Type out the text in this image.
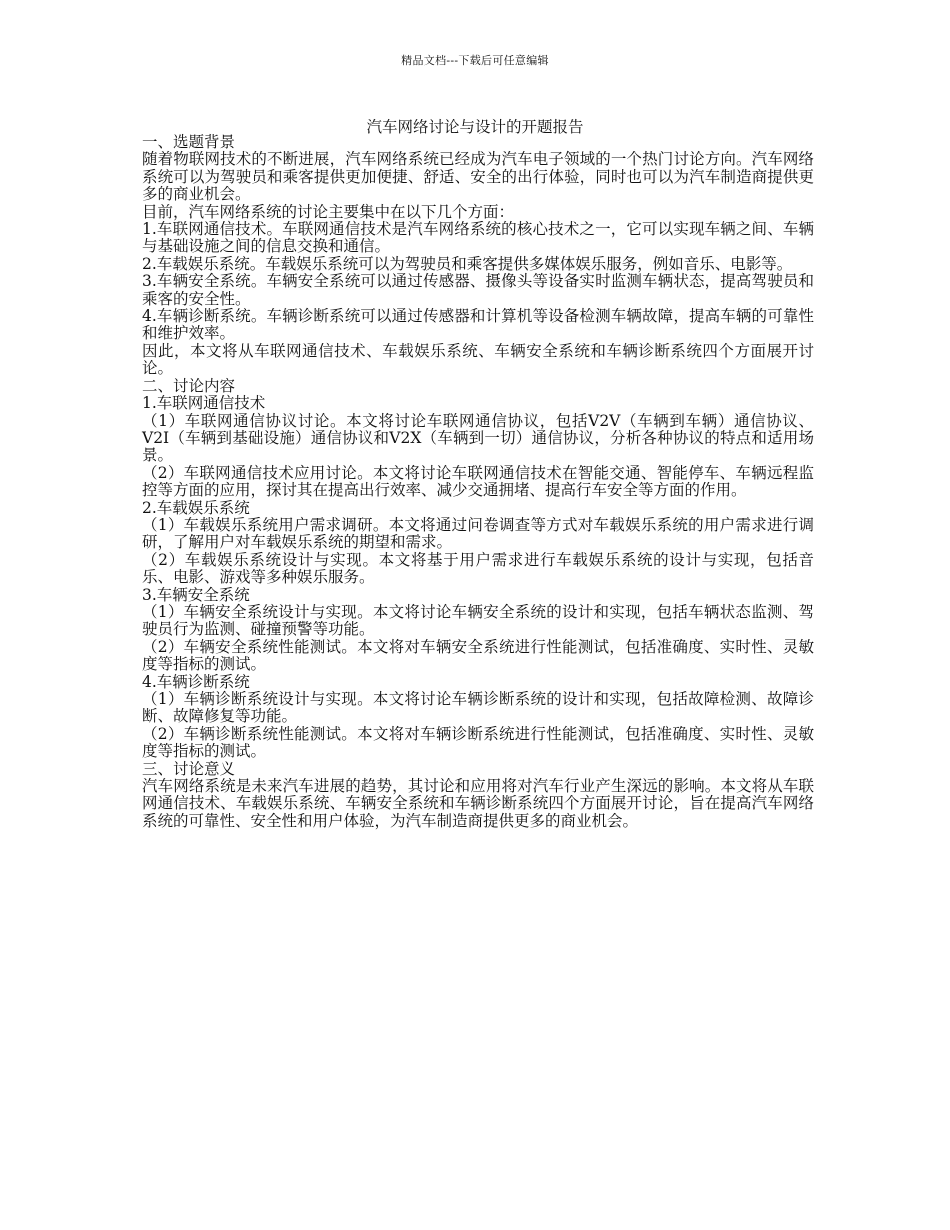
精品文档---下载后可任意编辑
汽车网络讨论与设计的开题报告

一、选题背景

随着物联网技术的不断进展，汽车网络系统已经成为汽车电子领域的一个热门讨论方向。汽车网络系统可以为驾驶员和乘客提供更加便捷、舒适、安全的出行体验，同时也可以为汽车制造商提供更多的商业机会。

目前，汽车网络系统的讨论主要集中在以下几个方面：

1.车联网通信技术。车联网通信技术是汽车网络系统的核心技术之一，它可以实现车辆之间、车辆与基础设施之间的信息交换和通信。

2.车载娱乐系统。车载娱乐系统可以为驾驶员和乘客提供多媒体娱乐服务，例如音乐、电影等。

3.车辆安全系统。车辆安全系统可以通过传感器、摄像头等设备实时监测车辆状态，提高驾驶员和乘客的安全性。

4.车辆诊断系统。车辆诊断系统可以通过传感器和计算机等设备检测车辆故障，提高车辆的可靠性和维护效率。

因此，本文将从车联网通信技术、车载娱乐系统、车辆安全系统和车辆诊断系统四个方面展开讨论。

二、讨论内容

1.车联网通信技术

（1）车联网通信协议讨论。本文将讨论车联网通信协议，包括V2V（车辆到车辆）通信协议、V2I（车辆到基础设施）通信协议和V2X（车辆到一切）通信协议，分析各种协议的特点和适用场景。

（2）车联网通信技术应用讨论。本文将讨论车联网通信技术在智能交通、智能停车、车辆远程监控等方面的应用，探讨其在提高出行效率、减少交通拥堵、提高行车安全等方面的作用。

2.车载娱乐系统

（1）车载娱乐系统用户需求调研。本文将通过问卷调查等方式对车载娱乐系统的用户需求进行调研，了解用户对车载娱乐系统的期望和需求。

（2）车载娱乐系统设计与实现。本文将基于用户需求进行车载娱乐系统的设计与实现，包括音乐、电影、游戏等多种娱乐服务。

3.车辆安全系统

（1）车辆安全系统设计与实现。本文将讨论车辆安全系统的设计和实现，包括车辆状态监测、驾驶员行为监测、碰撞预警等功能。

（2）车辆安全系统性能测试。本文将对车辆安全系统进行性能测试，包括准确度、实时性、灵敏度等指标的测试。

4.车辆诊断系统

（1）车辆诊断系统设计与实现。本文将讨论车辆诊断系统的设计和实现，包括故障检测、故障诊断、故障修复等功能。

（2）车辆诊断系统性能测试。本文将对车辆诊断系统进行性能测试，包括准确度、实时性、灵敏度等指标的测试。

三、讨论意义

汽车网络系统是未来汽车进展的趋势，其讨论和应用将对汽车行业产生深远的影响。本文将从车联网通信技术、车载娱乐系统、车辆安全系统和车辆诊断系统四个方面展开讨论，旨在提高汽车网络系统的可靠性、安全性和用户体验，为汽车制造商提供更多的商业机会。
